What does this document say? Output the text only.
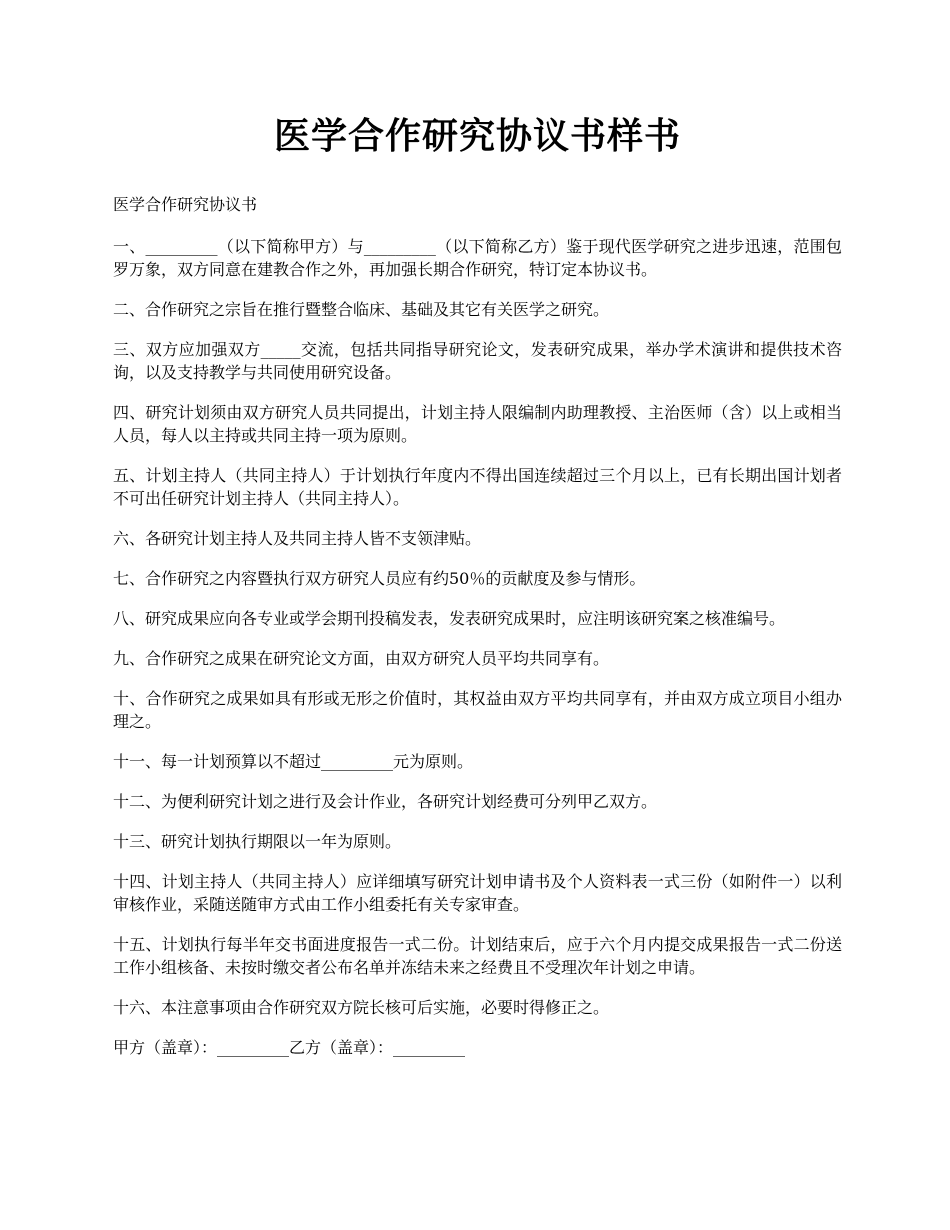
医学合作研究协议书样书

医学合作研究协议书

一、_________（以下简称甲方）与_________（以下简称乙方）鉴于现代医学研究之进步迅速，范围包罗万象，双方同意在建教合作之外，再加强长期合作研究，特订定本协议书。

二、合作研究之宗旨在推行暨整合临床、基础及其它有关医学之研究。

三、双方应加强双方_____交流，包括共同指导研究论文，发表研究成果，举办学术演讲和提供技术咨询，以及支持教学与共同使用研究设备。

四、研究计划须由双方研究人员共同提出，计划主持人限编制内助理教授、主治医师（含）以上或相当人员，每人以主持或共同主持一项为原则。

五、计划主持人（共同主持人）于计划执行年度内不得出国连续超过三个月以上，已有长期出国计划者不可出任研究计划主持人（共同主持人）。

六、各研究计划主持人及共同主持人皆不支领津贴。

七、合作研究之内容暨执行双方研究人员应有约50％的贡献度及参与情形。

八、研究成果应向各专业或学会期刊投稿发表，发表研究成果时，应注明该研究案之核准编号。

九、合作研究之成果在研究论文方面，由双方研究人员平均共同享有。

十、合作研究之成果如具有形或无形之价值时，其权益由双方平均共同享有，并由双方成立项目小组办理之。

十一、每一计划预算以不超过_________元为原则。

十二、为便利研究计划之进行及会计作业，各研究计划经费可分列甲乙双方。

十三、研究计划执行期限以一年为原则。

十四、计划主持人（共同主持人）应详细填写研究计划申请书及个人资料表一式三份（如附件一）以利审核作业，采随送随审方式由工作小组委托有关专家审查。

十五、计划执行每半年交书面进度报告一式二份。计划结束后，应于六个月内提交成果报告一式二份送工作小组核备、未按时缴交者公布名单并冻结未来之经费且不受理次年计划之申请。

十六、本注意事项由合作研究双方院长核可后实施，必要时得修正之。

甲方（盖章）：_________乙方（盖章）：_________
